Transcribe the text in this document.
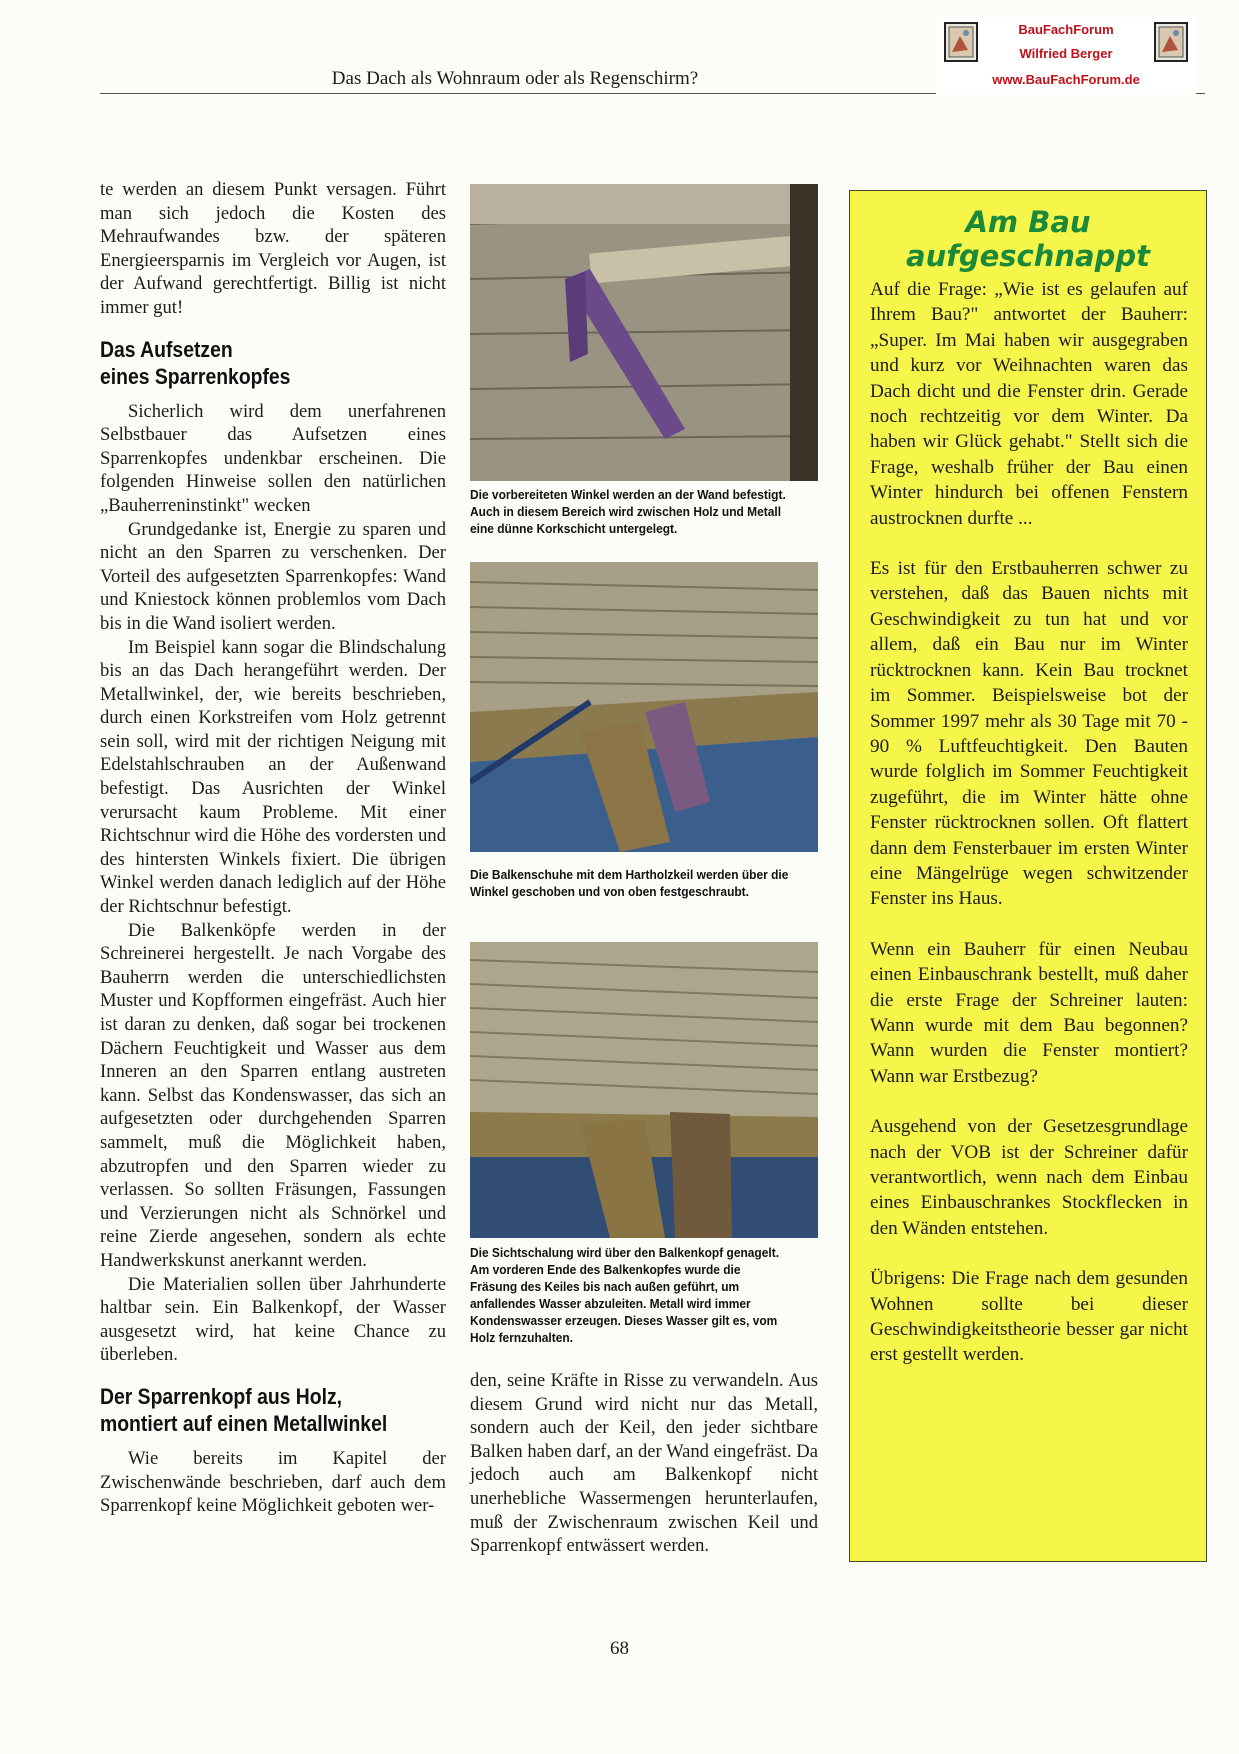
Das Dach als Wohnraum oder als Regenschirm?
BauFachForum
Wilfried Berger
www.BauFachForum.de

te werden an diesem Punkt versagen. Führt man sich jedoch die Kosten des Mehraufwandes bzw. der späteren Energieersparnis im Vergleich vor Augen, ist der Aufwand gerechtfertigt. Billig ist nicht immer gut!

Das Aufsetzen
eines Sparrenkopfes

Sicherlich wird dem unerfahrenen Selbstbauer das Aufsetzen eines Sparrenkopfes undenkbar erscheinen. Die folgenden Hinweise sollen den natürlichen „Bauherreninstinkt" wecken

Grundgedanke ist, Energie zu sparen und nicht an den Sparren zu verschenken. Der Vorteil des aufgesetzten Sparrenkopfes: Wand und Kniestock können problemlos vom Dach bis in die Wand isoliert werden.

Im Beispiel kann sogar die Blindschalung bis an das Dach herangeführt werden. Der Metallwinkel, der, wie bereits beschrieben, durch einen Korkstreifen vom Holz getrennt sein soll, wird mit der richtigen Neigung mit Edelstahlschrauben an der Außenwand befestigt. Das Ausrichten der Winkel verursacht kaum Probleme. Mit einer Richtschnur wird die Höhe des vordersten und des hintersten Winkels fixiert. Die übrigen Winkel werden danach lediglich auf der Höhe der Richtschnur befestigt.

Die Balkenköpfe werden in der Schreinerei hergestellt. Je nach Vorgabe des Bauherrn werden die unterschiedlichsten Muster und Kopfformen eingefräst. Auch hier ist daran zu denken, daß sogar bei trockenen Dächern Feuchtigkeit und Wasser aus dem Inneren an den Sparren entlang austreten kann. Selbst das Kondenswasser, das sich an aufgesetzten oder durchgehenden Sparren sammelt, muß die Möglichkeit haben, abzutropfen und den Sparren wieder zu verlassen. So sollten Fräsungen, Fassungen und Verzierungen nicht als Schnörkel und reine Zierde angesehen, sondern als echte Handwerkskunst anerkannt werden.

Die Materialien sollen über Jahrhunderte haltbar sein. Ein Balkenkopf, der Wasser ausgesetzt wird, hat keine Chance zu überleben.

Der Sparrenkopf aus Holz,
montiert auf einen Metallwinkel

Wie bereits im Kapitel der Zwischenwände beschrieben, darf auch dem Sparrenkopf keine Möglichkeit geboten wer-

Die vorbereiteten Winkel werden an der Wand befestigt. Auch in diesem Bereich wird zwischen Holz und Metall eine dünne Korkschicht untergelegt.
Die Balkenschuhe mit dem Hartholzkeil werden über die Winkel geschoben und von oben festgeschraubt.
Die Sichtschalung wird über den Balkenkopf genagelt. Am vorderen Ende des Balkenkopfes wurde die Fräsung des Keiles bis nach außen geführt, um anfallendes Wasser abzuleiten. Metall wird immer Kondenswasser erzeugen. Dieses Wasser gilt es, vom Holz fernzuhalten.

den, seine Kräfte in Risse zu verwandeln. Aus diesem Grund wird nicht nur das Metall, sondern auch der Keil, den jeder sichtbare Balken haben darf, an der Wand eingefräst. Da jedoch auch am Balkenkopf nicht unerhebliche Wassermengen herunterlaufen, muß der Zwischenraum zwischen Keil und Sparrenkopf entwässert werden.

Am Bau aufgeschnappt

Auf die Frage: „Wie ist es gelaufen auf Ihrem Bau?" antwortet der Bauherr: „Super. Im Mai haben wir ausgegraben und kurz vor Weihnachten waren das Dach dicht und die Fenster drin. Gerade noch rechtzeitig vor dem Winter. Da haben wir Glück gehabt." Stellt sich die Frage, weshalb früher der Bau einen Winter hindurch bei offenen Fenstern austrocknen durfte ...

Es ist für den Erstbauherren schwer zu verstehen, daß das Bauen nichts mit Geschwindigkeit zu tun hat und vor allem, daß ein Bau nur im Winter rücktrocknen kann. Kein Bau trocknet im Sommer. Beispielsweise bot der Sommer 1997 mehr als 30 Tage mit 70 - 90 % Luftfeuchtigkeit. Den Bauten wurde folglich im Sommer Feuchtigkeit zugeführt, die im Winter hätte ohne Fenster rücktrocknen sollen. Oft flattert dann dem Fensterbauer im ersten Winter eine Mängelrüge wegen schwitzender Fenster ins Haus.

Wenn ein Bauherr für einen Neubau einen Einbauschrank bestellt, muß daher die erste Frage der Schreiner lauten: Wann wurde mit dem Bau begonnen? Wann wurden die Fenster montiert? Wann war Erstbezug?

Ausgehend von der Gesetzesgrundlage nach der VOB ist der Schreiner dafür verantwortlich, wenn nach dem Einbau eines Einbauschrankes Stockflecken in den Wänden entstehen.

Übrigens: Die Frage nach dem gesunden Wohnen sollte bei dieser Geschwindigkeitstheorie besser gar nicht erst gestellt werden.

68
